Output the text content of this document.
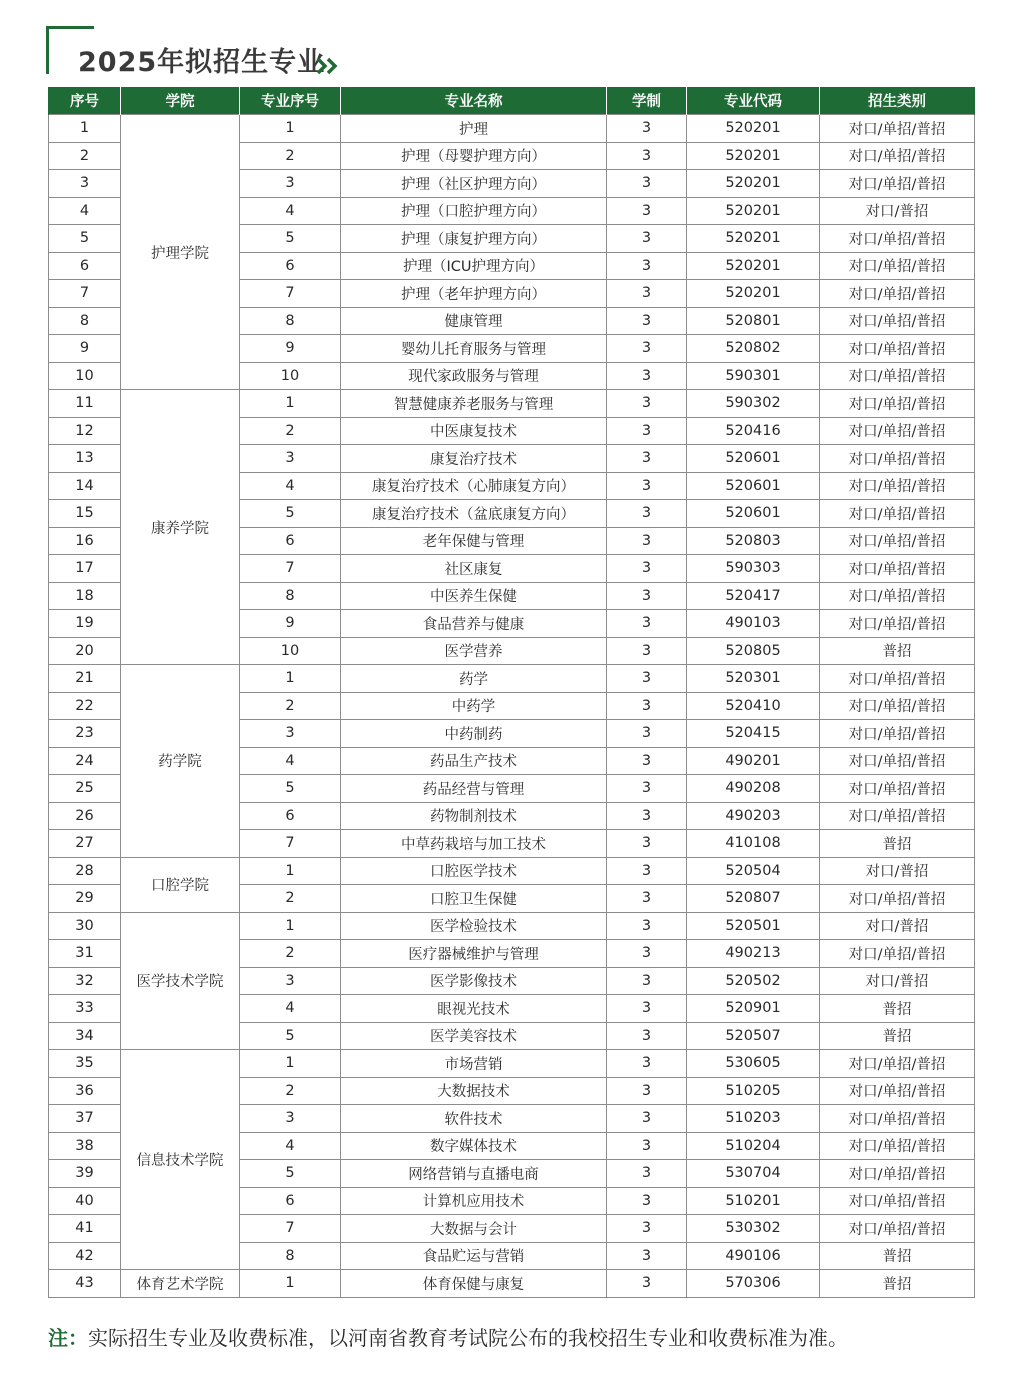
2025年拟招生专业
序号	学院	专业序号	专业名称	学制	专业代码	招生类别
1	护理学院	1	护理	3	520201	对口/单招/普招
2		2	护理（母婴护理方向）	3	520201	对口/单招/普招
3		3	护理（社区护理方向）	3	520201	对口/单招/普招
4		4	护理（口腔护理方向）	3	520201	对口/普招
5		5	护理（康复护理方向）	3	520201	对口/单招/普招
6		6	护理（ICU护理方向）	3	520201	对口/单招/普招
7		7	护理（老年护理方向）	3	520201	对口/单招/普招
8		8	健康管理	3	520801	对口/单招/普招
9		9	婴幼儿托育服务与管理	3	520802	对口/单招/普招
10		10	现代家政服务与管理	3	590301	对口/单招/普招
11	康养学院	1	智慧健康养老服务与管理	3	590302	对口/单招/普招
12		2	中医康复技术	3	520416	对口/单招/普招
13		3	康复治疗技术	3	520601	对口/单招/普招
14		4	康复治疗技术（心肺康复方向）	3	520601	对口/单招/普招
15		5	康复治疗技术（盆底康复方向）	3	520601	对口/单招/普招
16		6	老年保健与管理	3	520803	对口/单招/普招
17		7	社区康复	3	590303	对口/单招/普招
18		8	中医养生保健	3	520417	对口/单招/普招
19		9	食品营养与健康	3	490103	对口/单招/普招
20		10	医学营养	3	520805	普招
21	药学院	1	药学	3	520301	对口/单招/普招
22		2	中药学	3	520410	对口/单招/普招
23		3	中药制药	3	520415	对口/单招/普招
24		4	药品生产技术	3	490201	对口/单招/普招
25		5	药品经营与管理	3	490208	对口/单招/普招
26		6	药物制剂技术	3	490203	对口/单招/普招
27		7	中草药栽培与加工技术	3	410108	普招
28	口腔学院	1	口腔医学技术	3	520504	对口/普招
29		2	口腔卫生保健	3	520807	对口/单招/普招
30	医学技术学院	1	医学检验技术	3	520501	对口/普招
31		2	医疗器械维护与管理	3	490213	对口/单招/普招
32		3	医学影像技术	3	520502	对口/普招
33		4	眼视光技术	3	520901	普招
34		5	医学美容技术	3	520507	普招
35	信息技术学院	1	市场营销	3	530605	对口/单招/普招
36		2	大数据技术	3	510205	对口/单招/普招
37		3	软件技术	3	510203	对口/单招/普招
38		4	数字媒体技术	3	510204	对口/单招/普招
39		5	网络营销与直播电商	3	530704	对口/单招/普招
40		6	计算机应用技术	3	510201	对口/单招/普招
41		7	大数据与会计	3	530302	对口/单招/普招
42		8	食品贮运与营销	3	490106	普招
43	体育艺术学院	1	体育保健与康复	3	570306	普招
注：实际招生专业及收费标准，以河南省教育考试院公布的我校招生专业和收费标准为准。
